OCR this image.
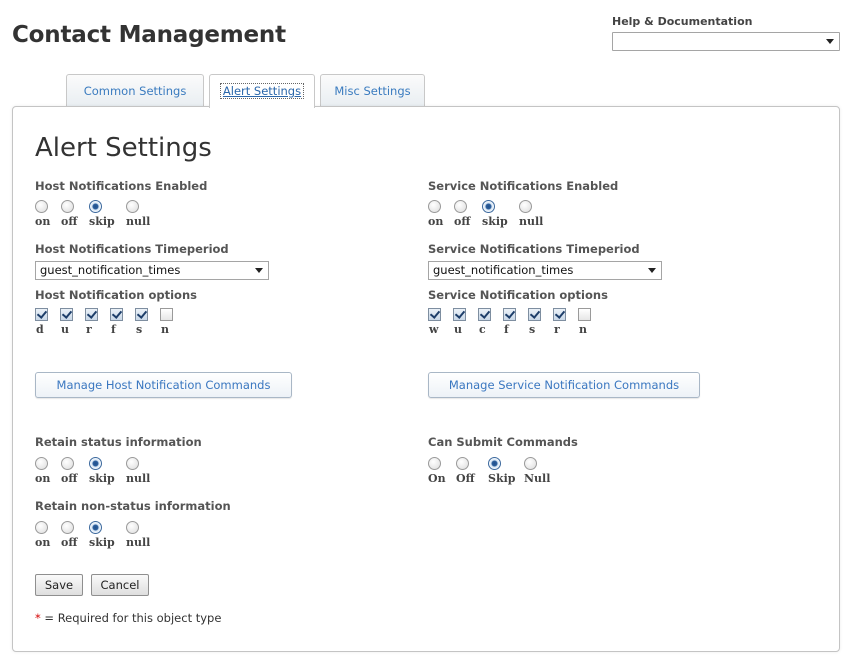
Contact Management
Help & Documentation
Common Settings	Alert Settings	Misc Settings
Alert Settings
Host Notifications Enabled
on off	skip	null
Service Notifications Enabled
on off	skip	null
Host Notifications Timeperiod
guest_notification_times
Service Notifications Timeperiod
guest_notification_times
Host Notification options
d	u	r	f	s	n
Service Notification options
w	u	c	f	s	r	n
Manage Host Notification Commands	Manage Service Notification Commands
Retain status information
on off	skip	null
Can Submit Commands
On Off	Skip Null
Retain non-status information
on off	skip	null
Save	Cancel
* = Required for this object type
